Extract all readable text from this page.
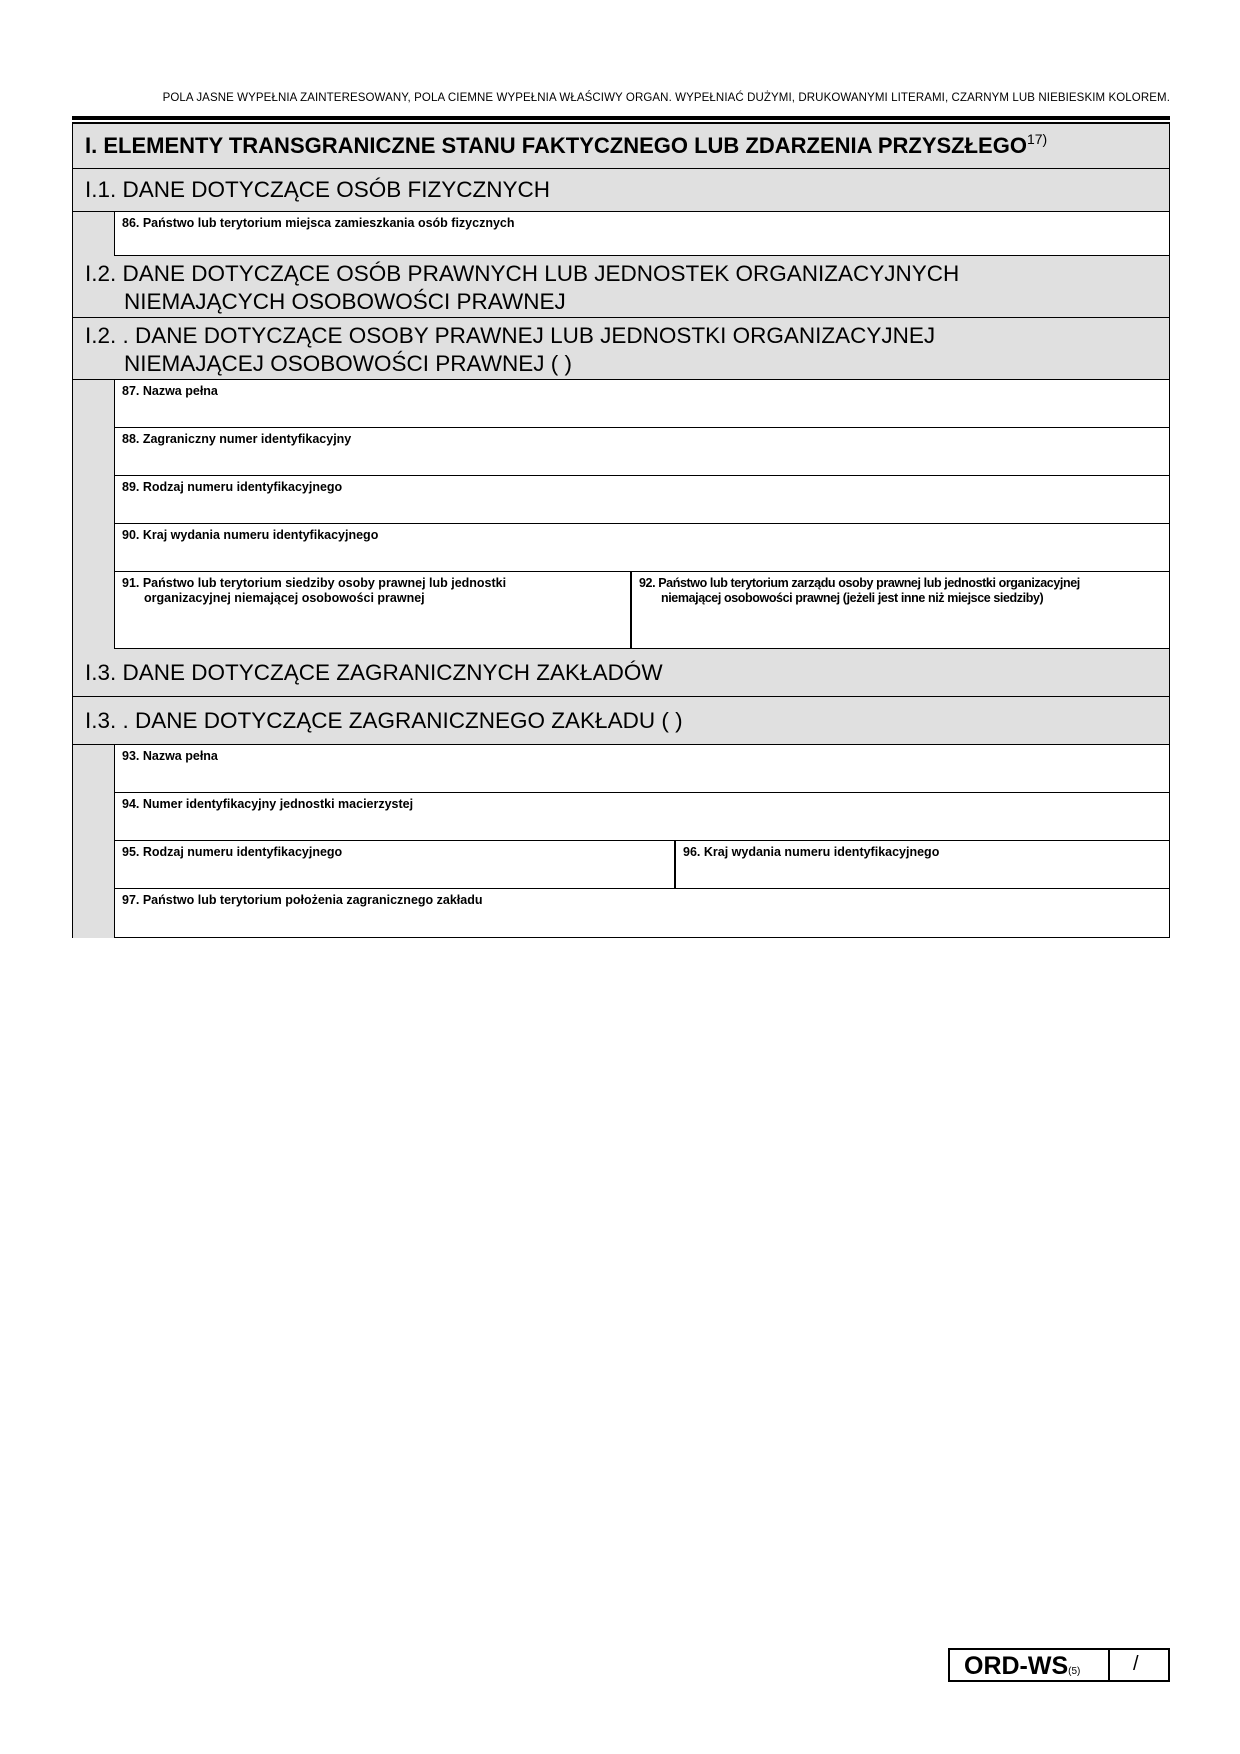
POLA JASNE WYPEŁNIA ZAINTERESOWANY, POLA CIEMNE WYPEŁNIA WŁAŚCIWY ORGAN. WYPEŁNIAĆ DUŻYMI, DRUKOWANYMI LITERAMI, CZARNYM LUB NIEBIESKIM KOLOREM.
I. ELEMENTY TRANSGRANICZNE STANU FAKTYCZNEGO LUB ZDARZENIA PRZYSZŁEGO$^{17)}$
I.1. DANE DOTYCZĄCE OSÓB FIZYCZNYCH
86. Państwo lub terytorium miejsca zamieszkania osób fizycznych
I.2. DANE DOTYCZĄCE OSÓB PRAWNYCH LUB JEDNOSTEK ORGANIZACYJNYCH
NIEMAJĄCYCH OSOBOWOŚCI PRAWNEJ
I.2. . DANE DOTYCZĄCE OSOBY PRAWNEJ LUB JEDNOSTKI ORGANIZACYJNEJ
NIEMAJĄCEJ OSOBOWOŚCI PRAWNEJ ( )
87. Nazwa pełna
88. Zagraniczny numer identyfikacyjny
89. Rodzaj numeru identyfikacyjnego
90. Kraj wydania numeru identyfikacyjnego
91. Państwo lub terytorium siedziby osoby prawnej lub jednostki
organizacyjnej niemającej osobowości prawnej
92. Państwo lub terytorium zarządu osoby prawnej lub jednostki organizacyjnej
niemającej osobowości prawnej (jeżeli jest inne niż miejsce siedziby)
I.3. DANE DOTYCZĄCE ZAGRANICZNYCH ZAKŁADÓW
I.3. . DANE DOTYCZĄCE ZAGRANICZNEGO ZAKŁADU ( )
93. Nazwa pełna
94. Numer identyfikacyjny jednostki macierzystej
95. Rodzaj numeru identyfikacyjnego	96. Kraj wydania numeru identyfikacyjnego
97. Państwo lub terytorium położenia zagranicznego zakładu
ORD-WS(5)	/
